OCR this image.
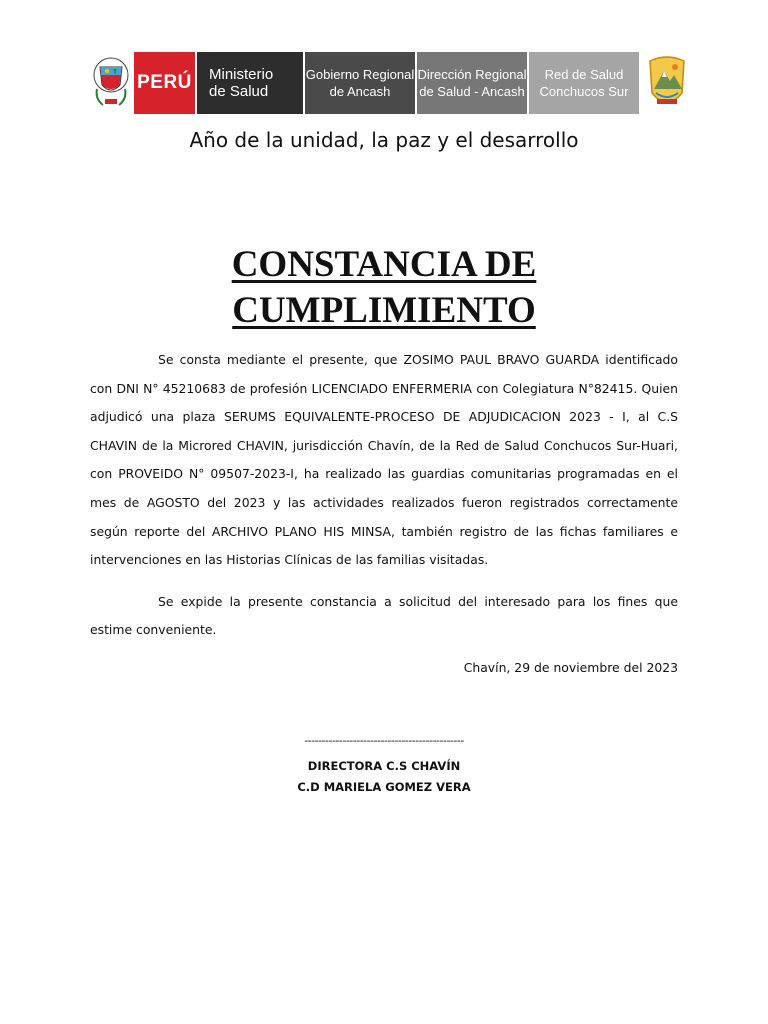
PERÚ Ministerio
de Salud
Gobierno Regional
de Ancash
Dirección Regional
de Salud - Ancash
Red de Salud
Conchucos Sur
Año de la unidad, la paz y el desarrollo
CONSTANCIA DE
CUMPLIMIENTO

Se consta mediante el presente, que ZOSIMO PAUL BRAVO GUARDA identificado con DNI N° 45210683 de profesión LICENCIADO ENFERMERIA con Colegiatura N°82415. Quien adjudicó una plaza SERUMS EQUIVALENTE-PROCESO DE ADJUDICACION 2023 - I, al C.S CHAVIN de la Microred CHAVIN, jurisdicción Chavín, de la Red de Salud Conchucos Sur-Huari, con PROVEIDO N° 09507-2023-I, ha realizado las guardias comunitarias programadas en el mes de AGOSTO del 2023 y las actividades realizados fueron registrados correctamente según reporte del ARCHIVO PLANO HIS MINSA, también registro de las fichas familiares e intervenciones en las Historias Clínicas de las familias visitadas.

Se expide la presente constancia a solicitud del interesado para los fines que estime conveniente.

Chavín, 29 de noviembre del 2023
----------------------------------------------
DIRECTORA C.S CHAVÍN
C.D MARIELA GOMEZ VERA
